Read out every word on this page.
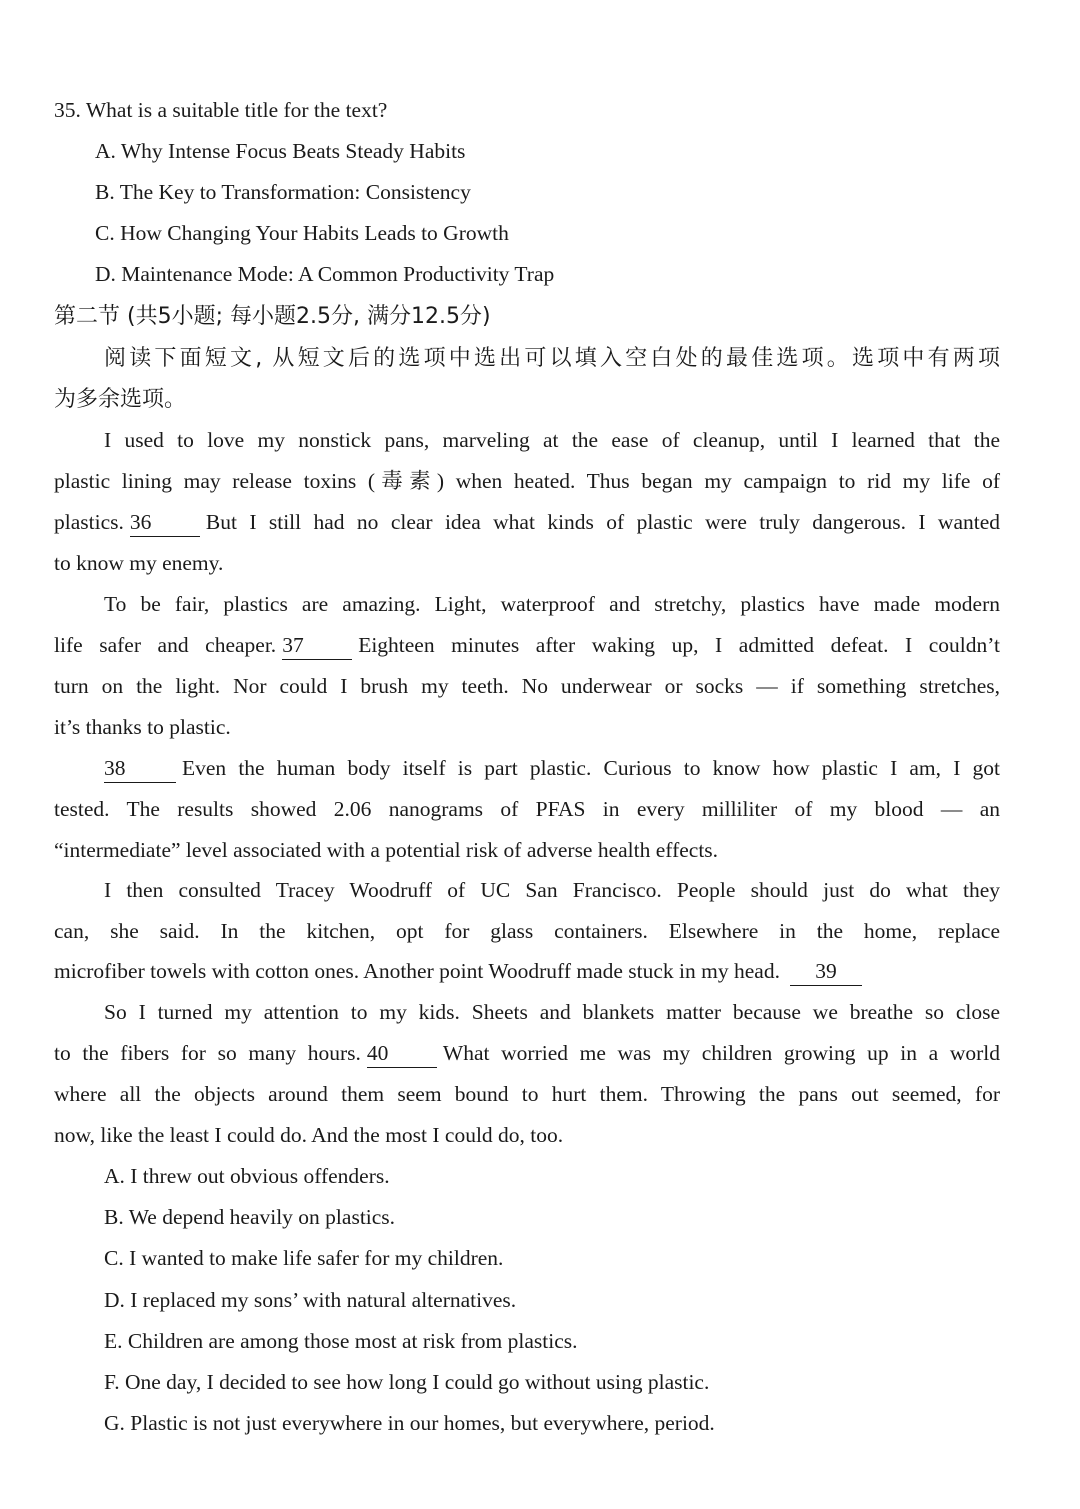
35. What is a suitable title for the text?
A. Why Intense Focus Beats Steady Habits
B. The Key to Transformation: Consistency
C. How Changing Your Habits Leads to Growth
D. Maintenance Mode: A Common Productivity Trap
第二节 (共5小题; 每小题2.5分, 满分12.5分)
阅读下面短文, 从短文后的选项中选出可以填入空白处的最佳选项。选项中有两项
为多余选项。
I used to love my nonstick pans, marveling at the ease of cleanup, until I learned that the
plastic lining may release toxins (毒素) when heated. Thus began my campaign to rid my life of
plastics. 36	But I still had no clear idea what kinds of plastic were truly dangerous. I wanted
to know my enemy.
To be fair, plastics are amazing. Light, waterproof and stretchy, plastics have made modern
life safer and cheaper. 37	Eighteen minutes after waking up, I admitted defeat. I couldn’t
turn on the light. Nor could I brush my teeth. No underwear or socks — if something stretches,
it’s thanks to plastic.
38	Even the human body itself is part plastic. Curious to know how plastic I am, I got
tested. The results showed 2.06 nanograms of PFAS in every milliliter of my blood — an
“intermediate” level associated with a potential risk of adverse health effects.
I then consulted Tracey Woodruff of UC San Francisco. People should just do what they
can, she said. In the kitchen, opt for glass containers. Elsewhere in the home, replace
microfiber towels with cotton ones. Another point Woodruff made stuck in my head. 39
So I turned my attention to my kids. Sheets and blankets matter because we breathe so close
to the fibers for so many hours. 40	What worried me was my children growing up in a world
where all the objects around them seem bound to hurt them. Throwing the pans out seemed, for
now, like the least I could do. And the most I could do, too.
A. I threw out obvious offenders.
B. We depend heavily on plastics.
C. I wanted to make life safer for my children.
D. I replaced my sons’ with natural alternatives.
E. Children are among those most at risk from plastics.
F. One day, I decided to see how long I could go without using plastic.
G. Plastic is not just everywhere in our homes, but everywhere, period.
